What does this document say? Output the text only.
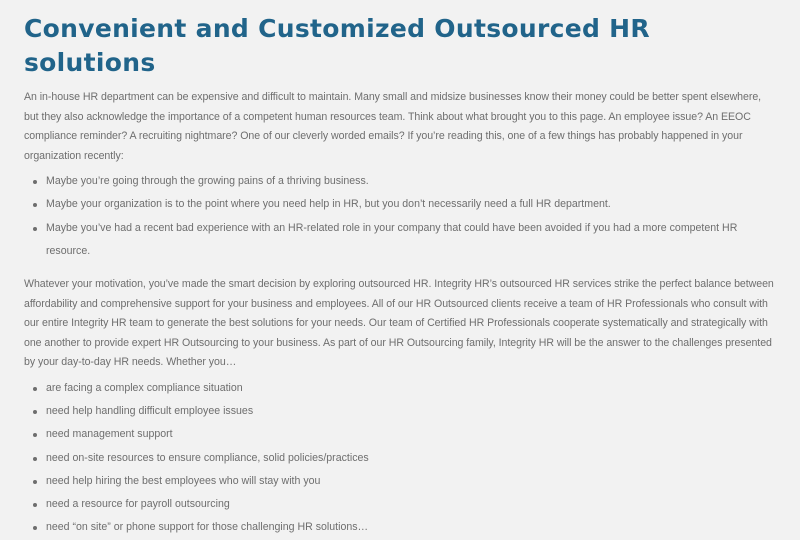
Convenient and Customized Outsourced HR solutions

An in-house HR department can be expensive and difficult to maintain. Many small and midsize businesses know their money could be better spent elsewhere, but they also acknowledge the importance of a competent human resources team. Think about what brought you to this page. An employee issue? An EEOC compliance reminder? A recruiting nightmare? One of our cleverly worded emails? If you’re reading this, one of a few things has probably happened in your organization recently:

Maybe you’re going through the growing pains of a thriving business.
Maybe your organization is to the point where you need help in HR, but you don’t necessarily need a full HR department.
Maybe you’ve had a recent bad experience with an HR-related role in your company that could have been avoided if you had a more competent HR resource.

Whatever your motivation, you’ve made the smart decision by exploring outsourced HR. Integrity HR’s outsourced HR services strike the perfect balance between affordability and comprehensive support for your business and employees. All of our HR Outsourced clients receive a team of HR Professionals who consult with our entire Integrity HR team to generate the best solutions for your needs. Our team of Certified HR Professionals cooperate systematically and strategically with one another to provide expert HR Outsourcing to your business. As part of our HR Outsourcing family, Integrity HR will be the answer to the challenges presented by your day-to-day HR needs. Whether you…

are facing a complex compliance situation
need help handling difficult employee issues
need management support
need on-site resources to ensure compliance, solid policies/practices
need help hiring the best employees who will stay with you
need a resource for payroll outsourcing
need “on site” or phone support for those challenging HR solutions…
